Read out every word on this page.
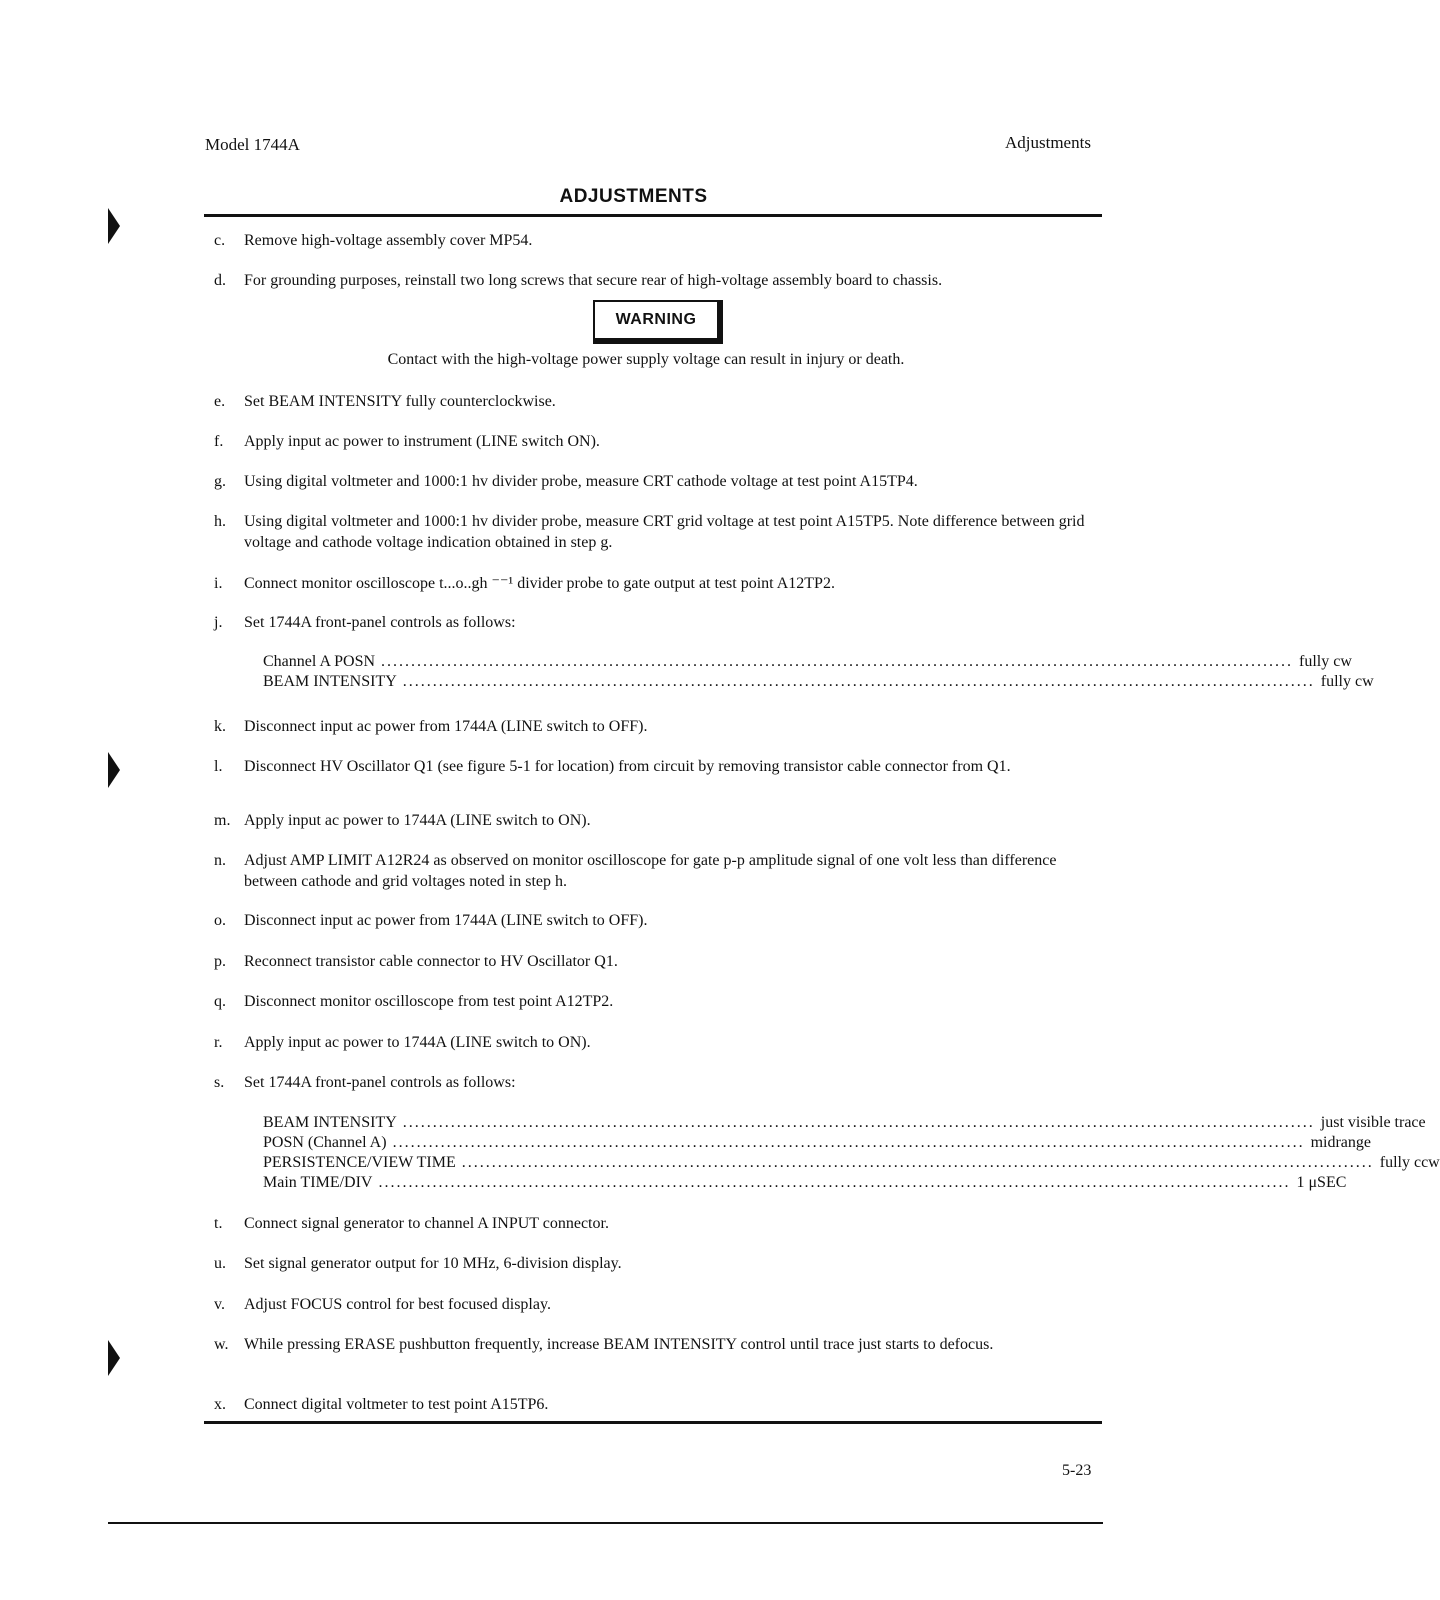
Model 1744A	Adjustments
ADJUSTMENTS
c.	Remove high-voltage assembly cover MP54.
d.	For grounding purposes, reinstall two long screws that secure rear of high-voltage assembly board to chassis.
WARNING
Contact with the high-voltage power supply voltage can result in injury or death.
e.	Set BEAM INTENSITY fully counterclockwise.
f.	Apply input ac power to instrument (LINE switch ON).
g.	Using digital voltmeter and 1000:1 hv divider probe, measure CRT cathode voltage at test point A15TP4.
h.	Using digital voltmeter and 1000:1 hv divider probe, measure CRT grid voltage at test point A15TP5. Note difference between grid voltage and cathode voltage indication obtained in step g.
i.	Connect monitor oscilloscope t...o..gh ⁻⁻¹ divider probe to gate output at test point A12TP2.
j.	Set 1744A front-panel controls as follows:
Channel A POSN ........................................................................................................................................................ fully cw
BEAM INTENSITY ........................................................................................................................................................ fully cw
k.	Disconnect input ac power from 1744A (LINE switch to OFF).
l.	Disconnect HV Oscillator Q1 (see figure 5-1 for location) from circuit by removing transistor cable connector from Q1.
m. Apply input ac power to 1744A (LINE switch to ON).
n.	Adjust AMP LIMIT A12R24 as observed on monitor oscilloscope for gate p-p amplitude signal of one volt less than difference between cathode and grid voltages noted in step h.
o.	Disconnect input ac power from 1744A (LINE switch to OFF).
p.	Reconnect transistor cable connector to HV Oscillator Q1.
q.	Disconnect monitor oscilloscope from test point A12TP2.
r.	Apply input ac power to 1744A (LINE switch to ON).
s.	Set 1744A front-panel controls as follows:
BEAM INTENSITY ........................................................................................................................................................ just visible trace
POSN (Channel A) ........................................................................................................................................................ midrange
PERSISTENCE/VIEW TIME ........................................................................................................................................................ fully ccw
Main TIME/DIV ........................................................................................................................................................ 1 μSEC
t.	Connect signal generator to channel A INPUT connector.
u.	Set signal generator output for 10 MHz, 6-division display.
v.	Adjust FOCUS control for best focused display.
w. While pressing ERASE pushbutton frequently, increase BEAM INTENSITY control until trace just starts to defocus.
x.	Connect digital voltmeter to test point A15TP6.
5-23
